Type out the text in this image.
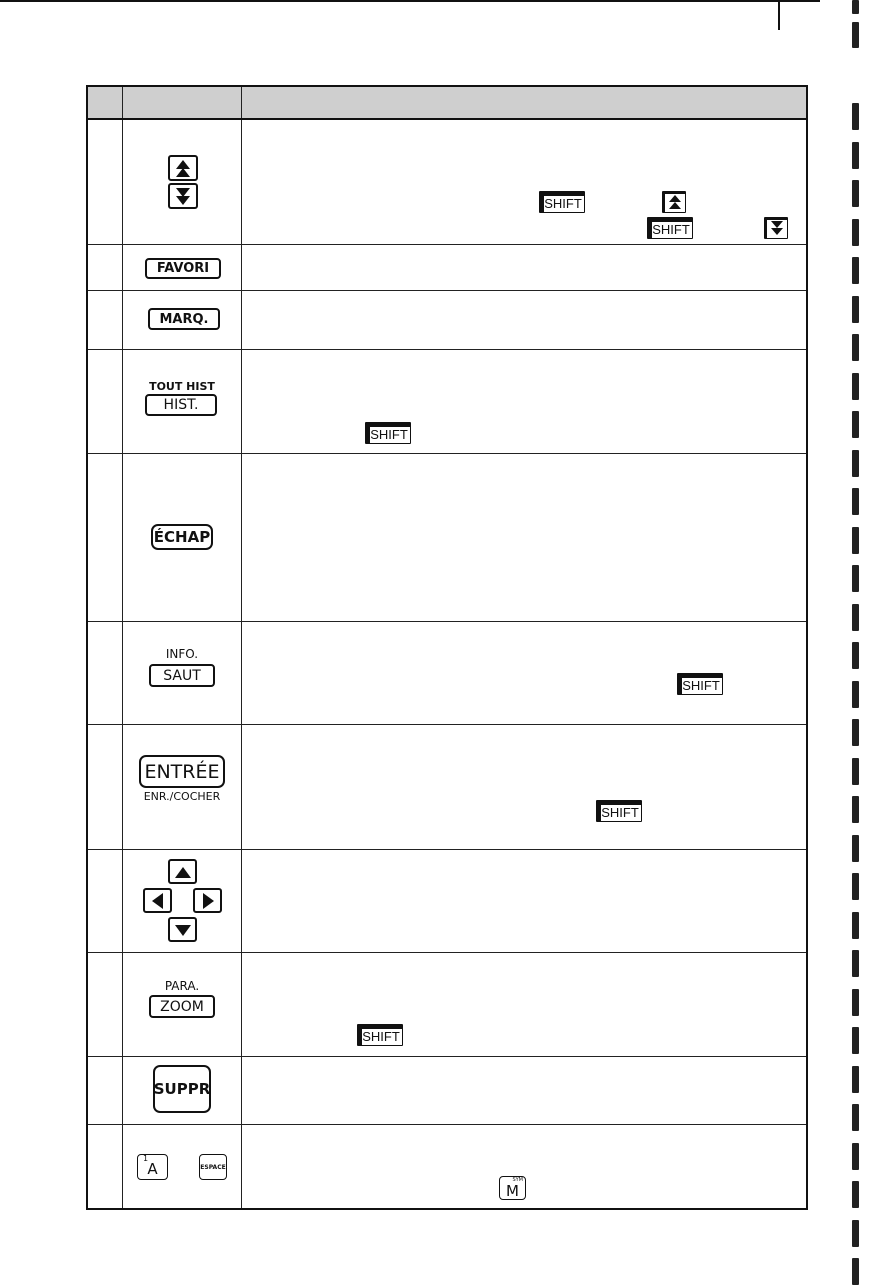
SHIFT
SHIFT
FAVORI
MARQ.
TOUT HIST
HIST.
SHIFT
ÉCHAP
INFO.
SAUT
SHIFT
ENTRÉE
ENR./COCHER
SHIFT
PARA.
ZOOM
SHIFT
SUPPR
A
1
ESPACE
M
SYM
